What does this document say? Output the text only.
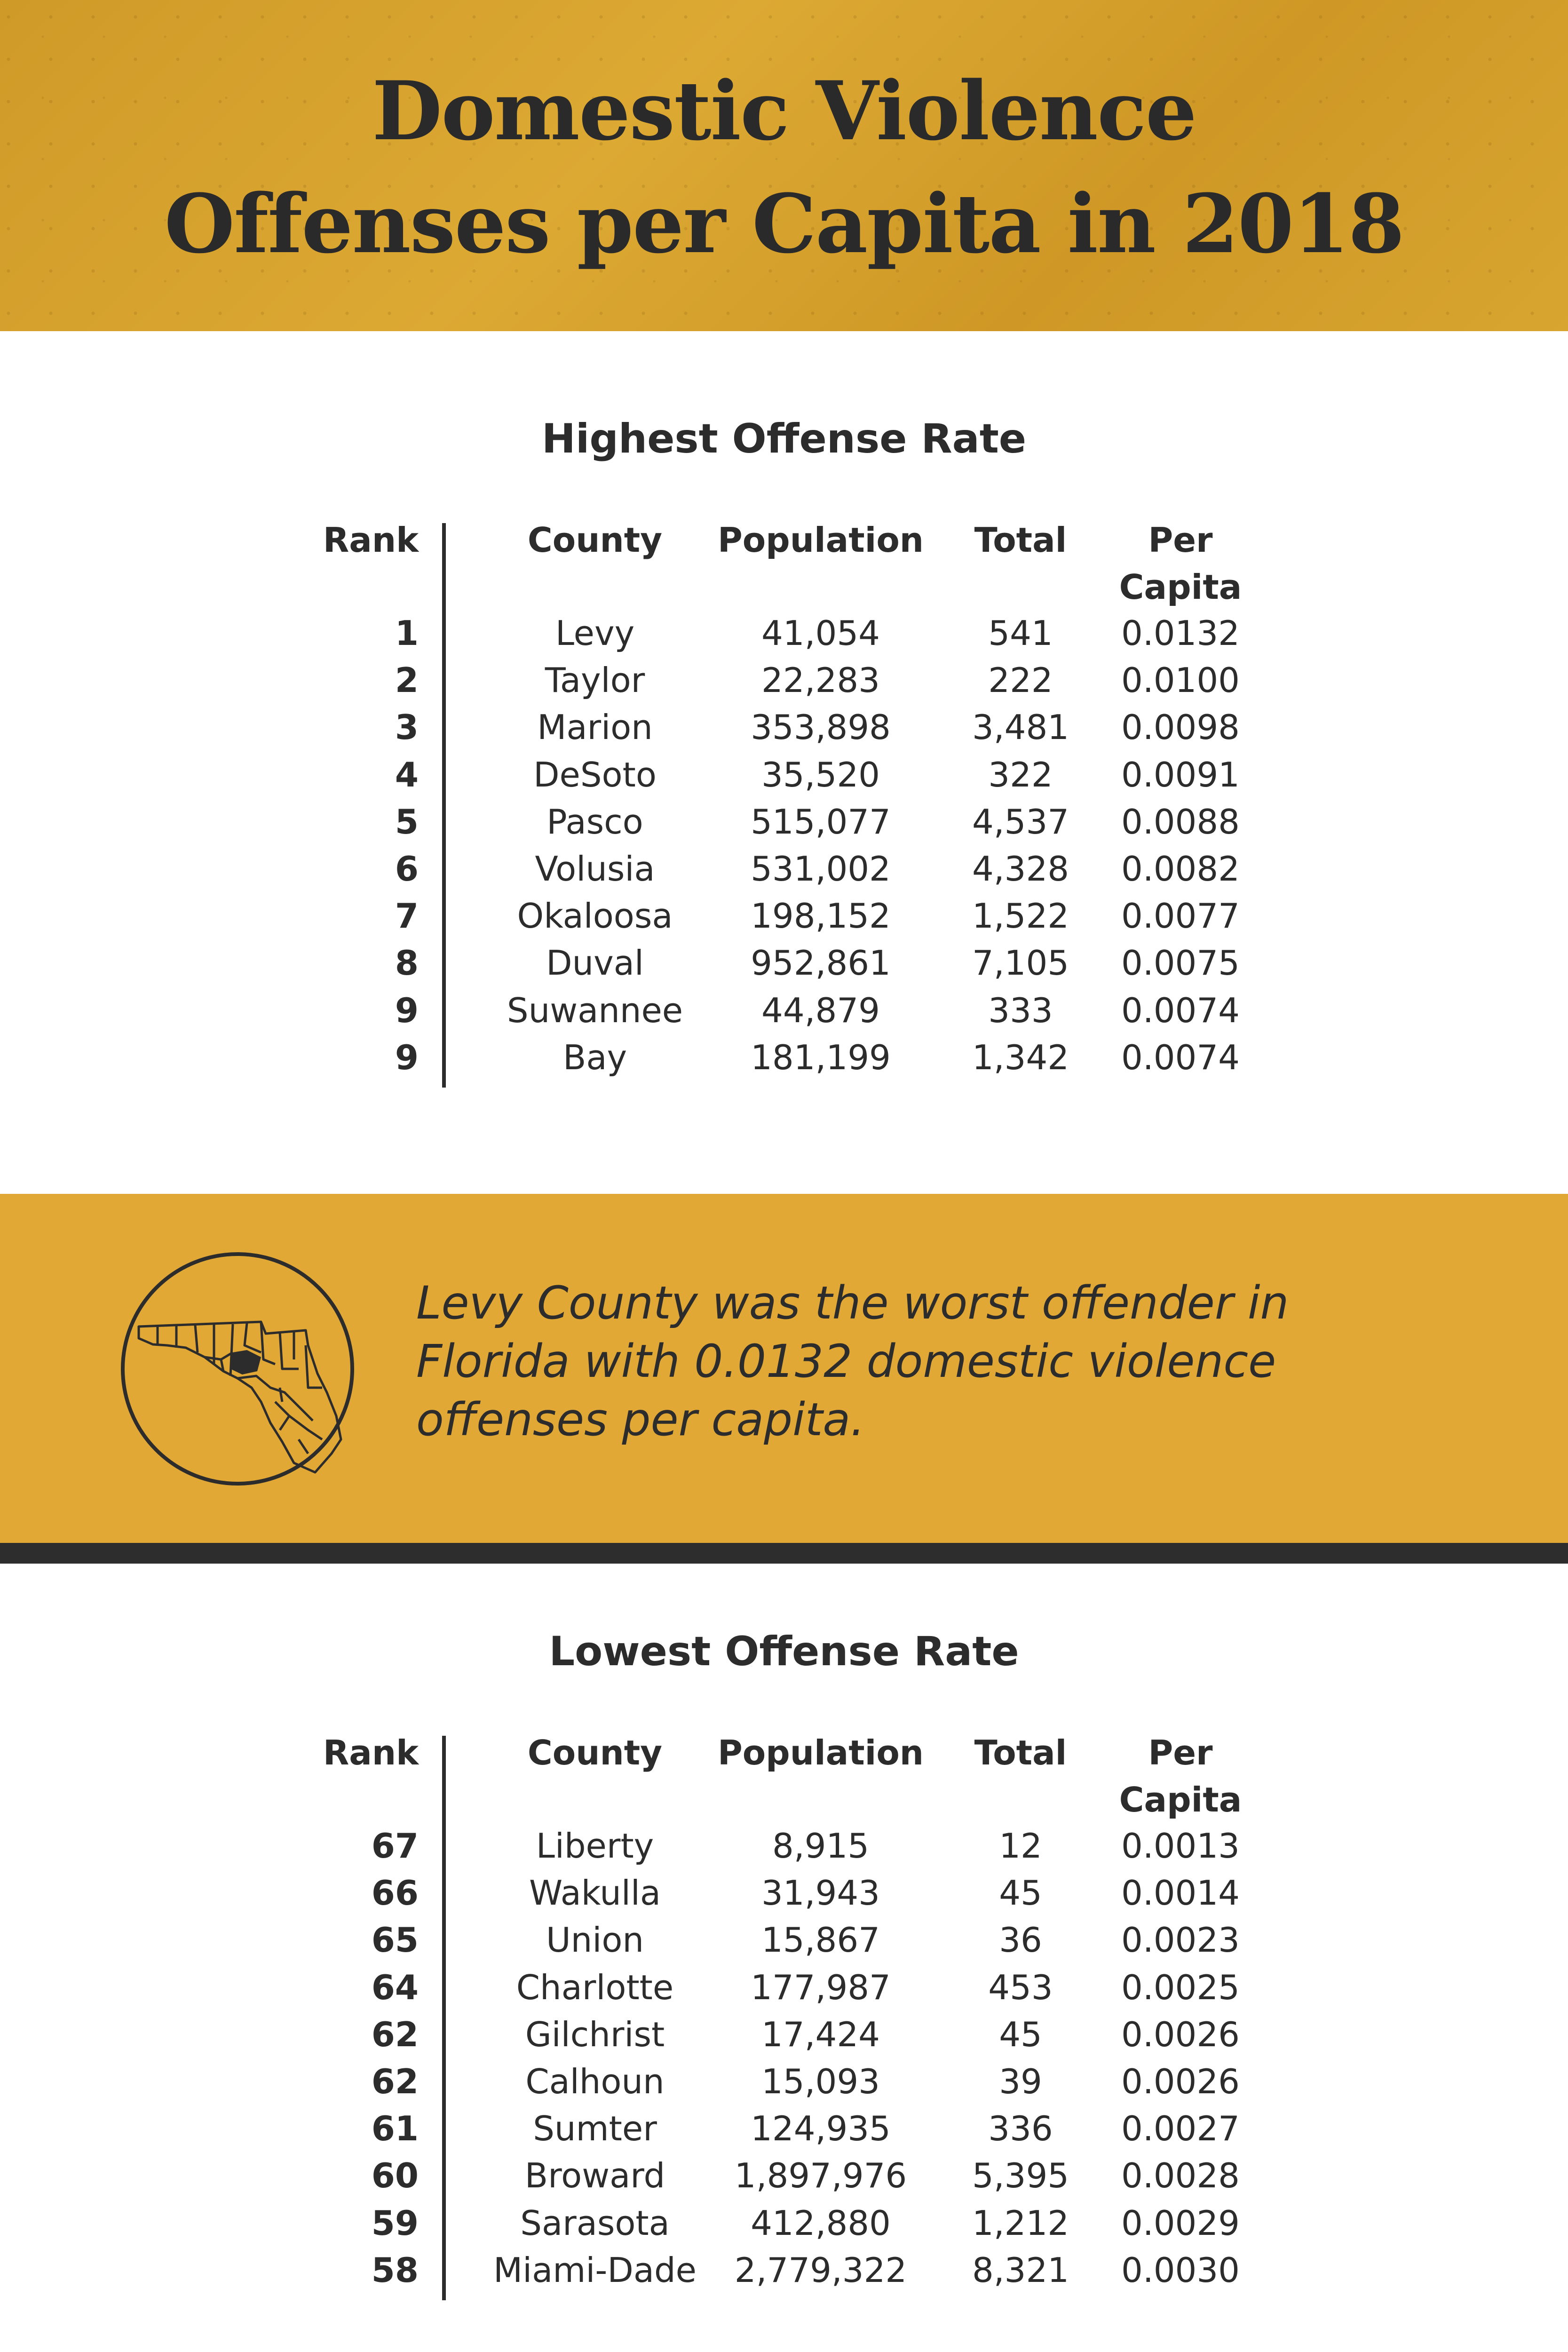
Domestic Violence
Offenses per Capita in 2018
Highest Offense Rate
Rank	County	Population	Total	Per
Capita
1	Levy	41,054	541	0.0132
2	Taylor	22,283	222	0.0100
3	Marion	353,898	3,481	0.0098
4	DeSoto	35,520	322	0.0091
5	Pasco	515,077	4,537	0.0088
6	Volusia	531,002	4,328	0.0082
7	Okaloosa	198,152	1,522	0.0077
8	Duval	952,861	7,105	0.0075
9	Suwannee	44,879	333	0.0074
9	Bay	181,199	1,342	0.0074
Levy County was the worst offender in
Florida with 0.0132 domestic violence
offenses per capita.
Lowest Offense Rate
Rank	County	Population	Total	Per
Capita
67	Liberty	8,915	12	0.0013
66	Wakulla	31,943	45	0.0014
65	Union	15,867	36	0.0023
64	Charlotte	177,987	453	0.0025
62	Gilchrist	17,424	45	0.0026
62	Calhoun	15,093	39	0.0026
61	Sumter	124,935	336	0.0027
60	Broward	1,897,976	5,395	0.0028
59	Sarasota	412,880	1,212	0.0029
58	Miami-Dade	2,779,322	8,321	0.0030
